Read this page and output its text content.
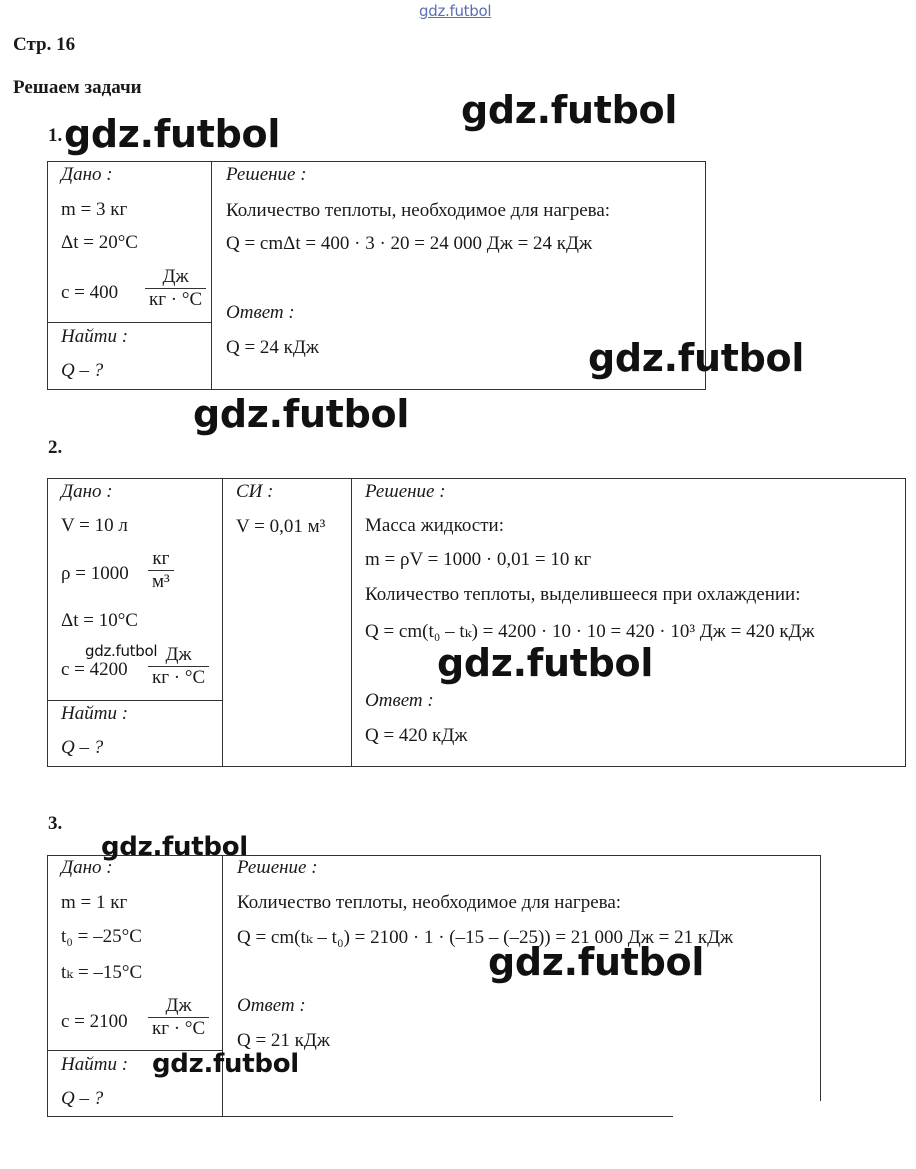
gdz.futbol
Стр. 16
Решаем задачи
1.
Дано :
m = 3 кг
Δt = 20°C
c = 400
Дж
кг · °C
Найти :
Q – ?
Решение :
Количество теплоты, необходимое для нагрева:
Q = cmΔt = 400 · 3 · 20 = 24 000 Дж = 24 кДж
Ответ :
Q = 24 кДж
2.
Дано :
V = 10 л
ρ = 1000
кг
м³
Δt = 10°C
c = 4200
Дж
кг · °C
Найти :
Q – ?
СИ :
V = 0,01 м³
Решение :
Масса жидкости:
m = ρV = 1000 · 0,01 = 10 кг
Количество теплоты, выделившееся при охлаждении:
Q = cm(t₀ – tₖ) = 4200 · 10 · 10 = 420 · 10³ Дж = 420 кДж
Ответ :
Q = 420 кДж
3.
Дано :
m = 1 кг
t₀ = –25°C
tₖ = –15°C
c = 2100
Дж
кг · °C
Найти :
Q – ?
Решение :
Количество теплоты, необходимое для нагрева:
Q = cm(tₖ – t₀) = 2100 · 1 · (–15 – (–25)) = 21 000 Дж = 21 кДж
Ответ :
Q = 21 кДж
gdz.futbol
gdz.futbol
gdz.futbol
gdz.futbol
gdz.futbol	gdz.futbol
gdz.futbol
gdz.futbol
gdz.futbol
